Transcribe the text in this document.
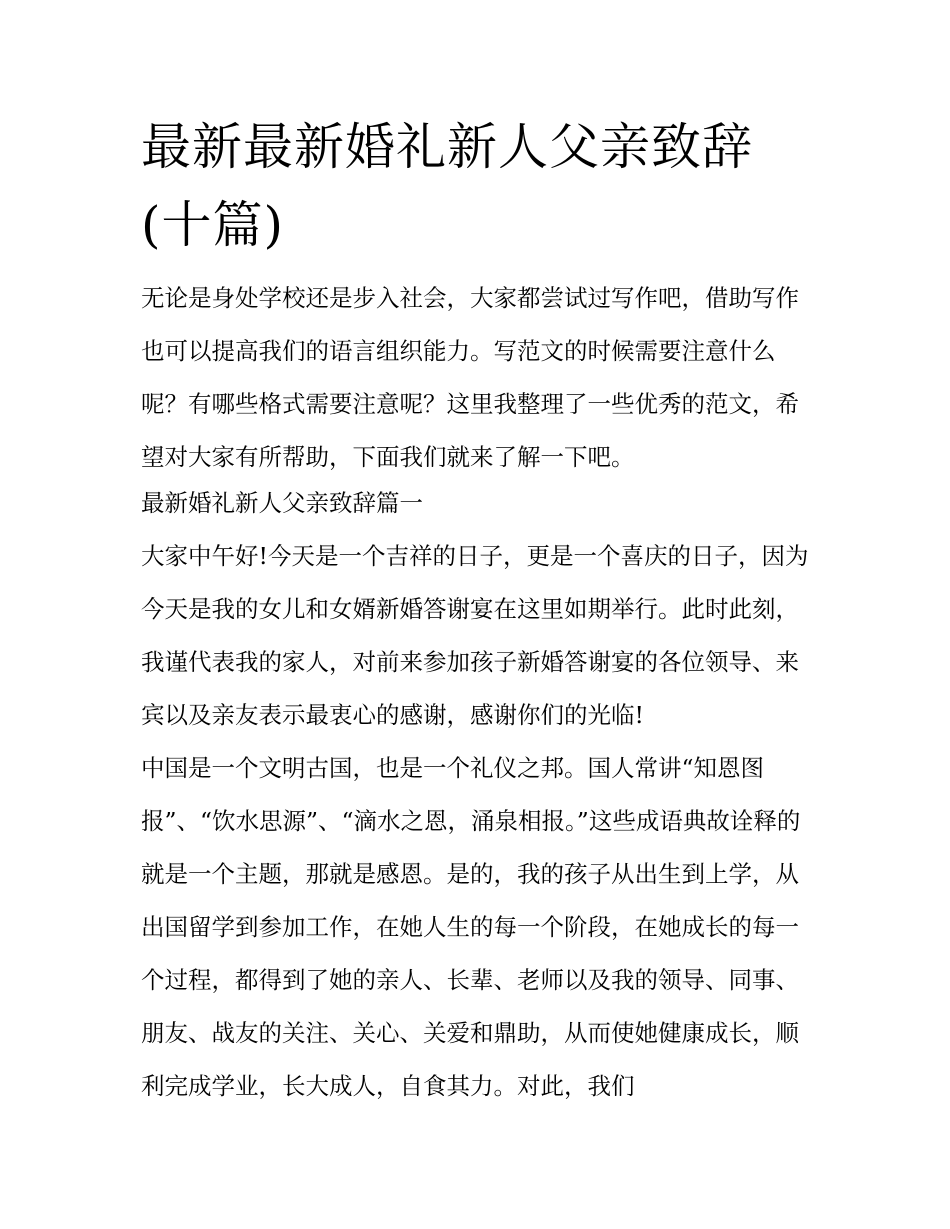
最新最新婚礼新人父亲致辞(十篇)

无论是身处学校还是步入社会，大家都尝试过写作吧，借助写作也可以提高我们的语言组织能力。写范文的时候需要注意什么呢？有哪些格式需要注意呢？这里我整理了一些优秀的范文，希望对大家有所帮助，下面我们就来了解一下吧。

最新婚礼新人父亲致辞篇一

大家中午好!今天是一个吉祥的日子，更是一个喜庆的日子，因为今天是我的女儿和女婿新婚答谢宴在这里如期举行。此时此刻，我谨代表我的家人，对前来参加孩子新婚答谢宴的各位领导、来宾以及亲友表示最衷心的感谢，感谢你们的光临!

中国是一个文明古国，也是一个礼仪之邦。国人常讲“知恩图报”、“饮水思源”、“滴水之恩，涌泉相报。”这些成语典故诠释的就是一个主题，那就是感恩。是的，我的孩子从出生到上学，从出国留学到参加工作，在她人生的每一个阶段，在她成长的每一个过程，都得到了她的亲人、长辈、老师以及我的领导、同事、朋友、战友的关注、关心、关爱和鼎助，从而使她健康成长，顺利完成学业，长大成人，自食其力。对此，我们
